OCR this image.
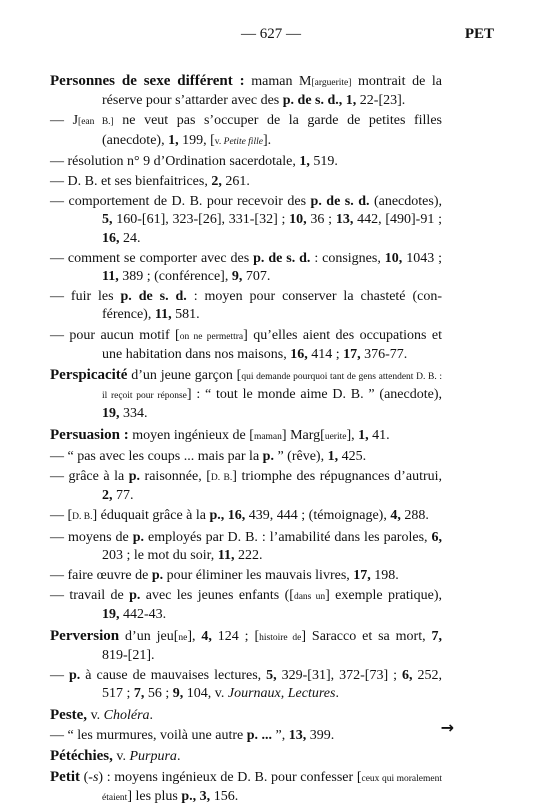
— 627 —	PET

Personnes de sexe différent : maman M[arguerite] montrait de la réserve pour s’attarder avec des p. de s. d., 1, 22-[23].

— J[ean B.] ne veut pas s’occuper de la garde de petites filles (anecdote), 1, 199, [v. Petite fille].

— résolution n° 9 d’Ordination sacerdotale, 1, 519.

— D. B. et ses bienfaitrices, 2, 261.

— comportement de D. B. pour recevoir des p. de s. d. (anecdotes), 5, 160-[61], 323-[26], 331-[32] ; 10, 36 ; 13, 442, [490]-91 ; 16, 24.

— comment se comporter avec des p. de s. d. : consignes, 10, 1043 ; 11, 389 ; (conférence], 9, 707.

— fuir les p. de s. d. : moyen pour conserver la chasteté (conférence), 11, 581.

— pour aucun motif [on ne permettra] qu’elles aient des occupations et une habitation dans nos maisons, 16, 414 ; 17, 376-77.

Perspicacité d’un jeune garçon [qui demande pourquoi tant de gens attendent D. B. : il reçoit pour réponse] : “ tout le monde aime D. B. ” (anecdote), 19, 334.

Persuasion : moyen ingénieux de [maman] Marg[uerite], 1, 41.

— “ pas avec les coups ... mais par la p. ” (rêve), 1, 425.

— grâce à la p. raisonnée, [D. B.] triomphe des répugnances d’autrui, 2, 77.

— [D. B.] éduquait grâce à la p., 16, 439, 444 ; (témoignage), 4, 288.

— moyens de p. employés par D. B. : l’amabilité dans les paroles, 6, 203 ; le mot du soir, 11, 222.

— faire œuvre de p. pour éliminer les mauvais livres, 17, 198.

— travail de p. avec les jeunes enfants ([dans un] exemple pratique), 19, 442-43.

Perversion d’un jeu[ne], 4, 124 ; [histoire de] Saracco et sa mort, 7, 819-[21].

— p. à cause de mauvaises lectures, 5, 329-[31], 372-[73] ; 6, 252, 517 ; 7, 56 ; 9, 104, v. Journaux, Lectures.

Peste, v. Choléra.

— “ les murmures, voilà une autre p. ... ”, 13, 399.

Pétéchies, v. Purpura.

Petit (-s) : moyens ingénieux de D. B. pour confesser [ceux qui moralement étaient] les plus p., 3, 156.

→
